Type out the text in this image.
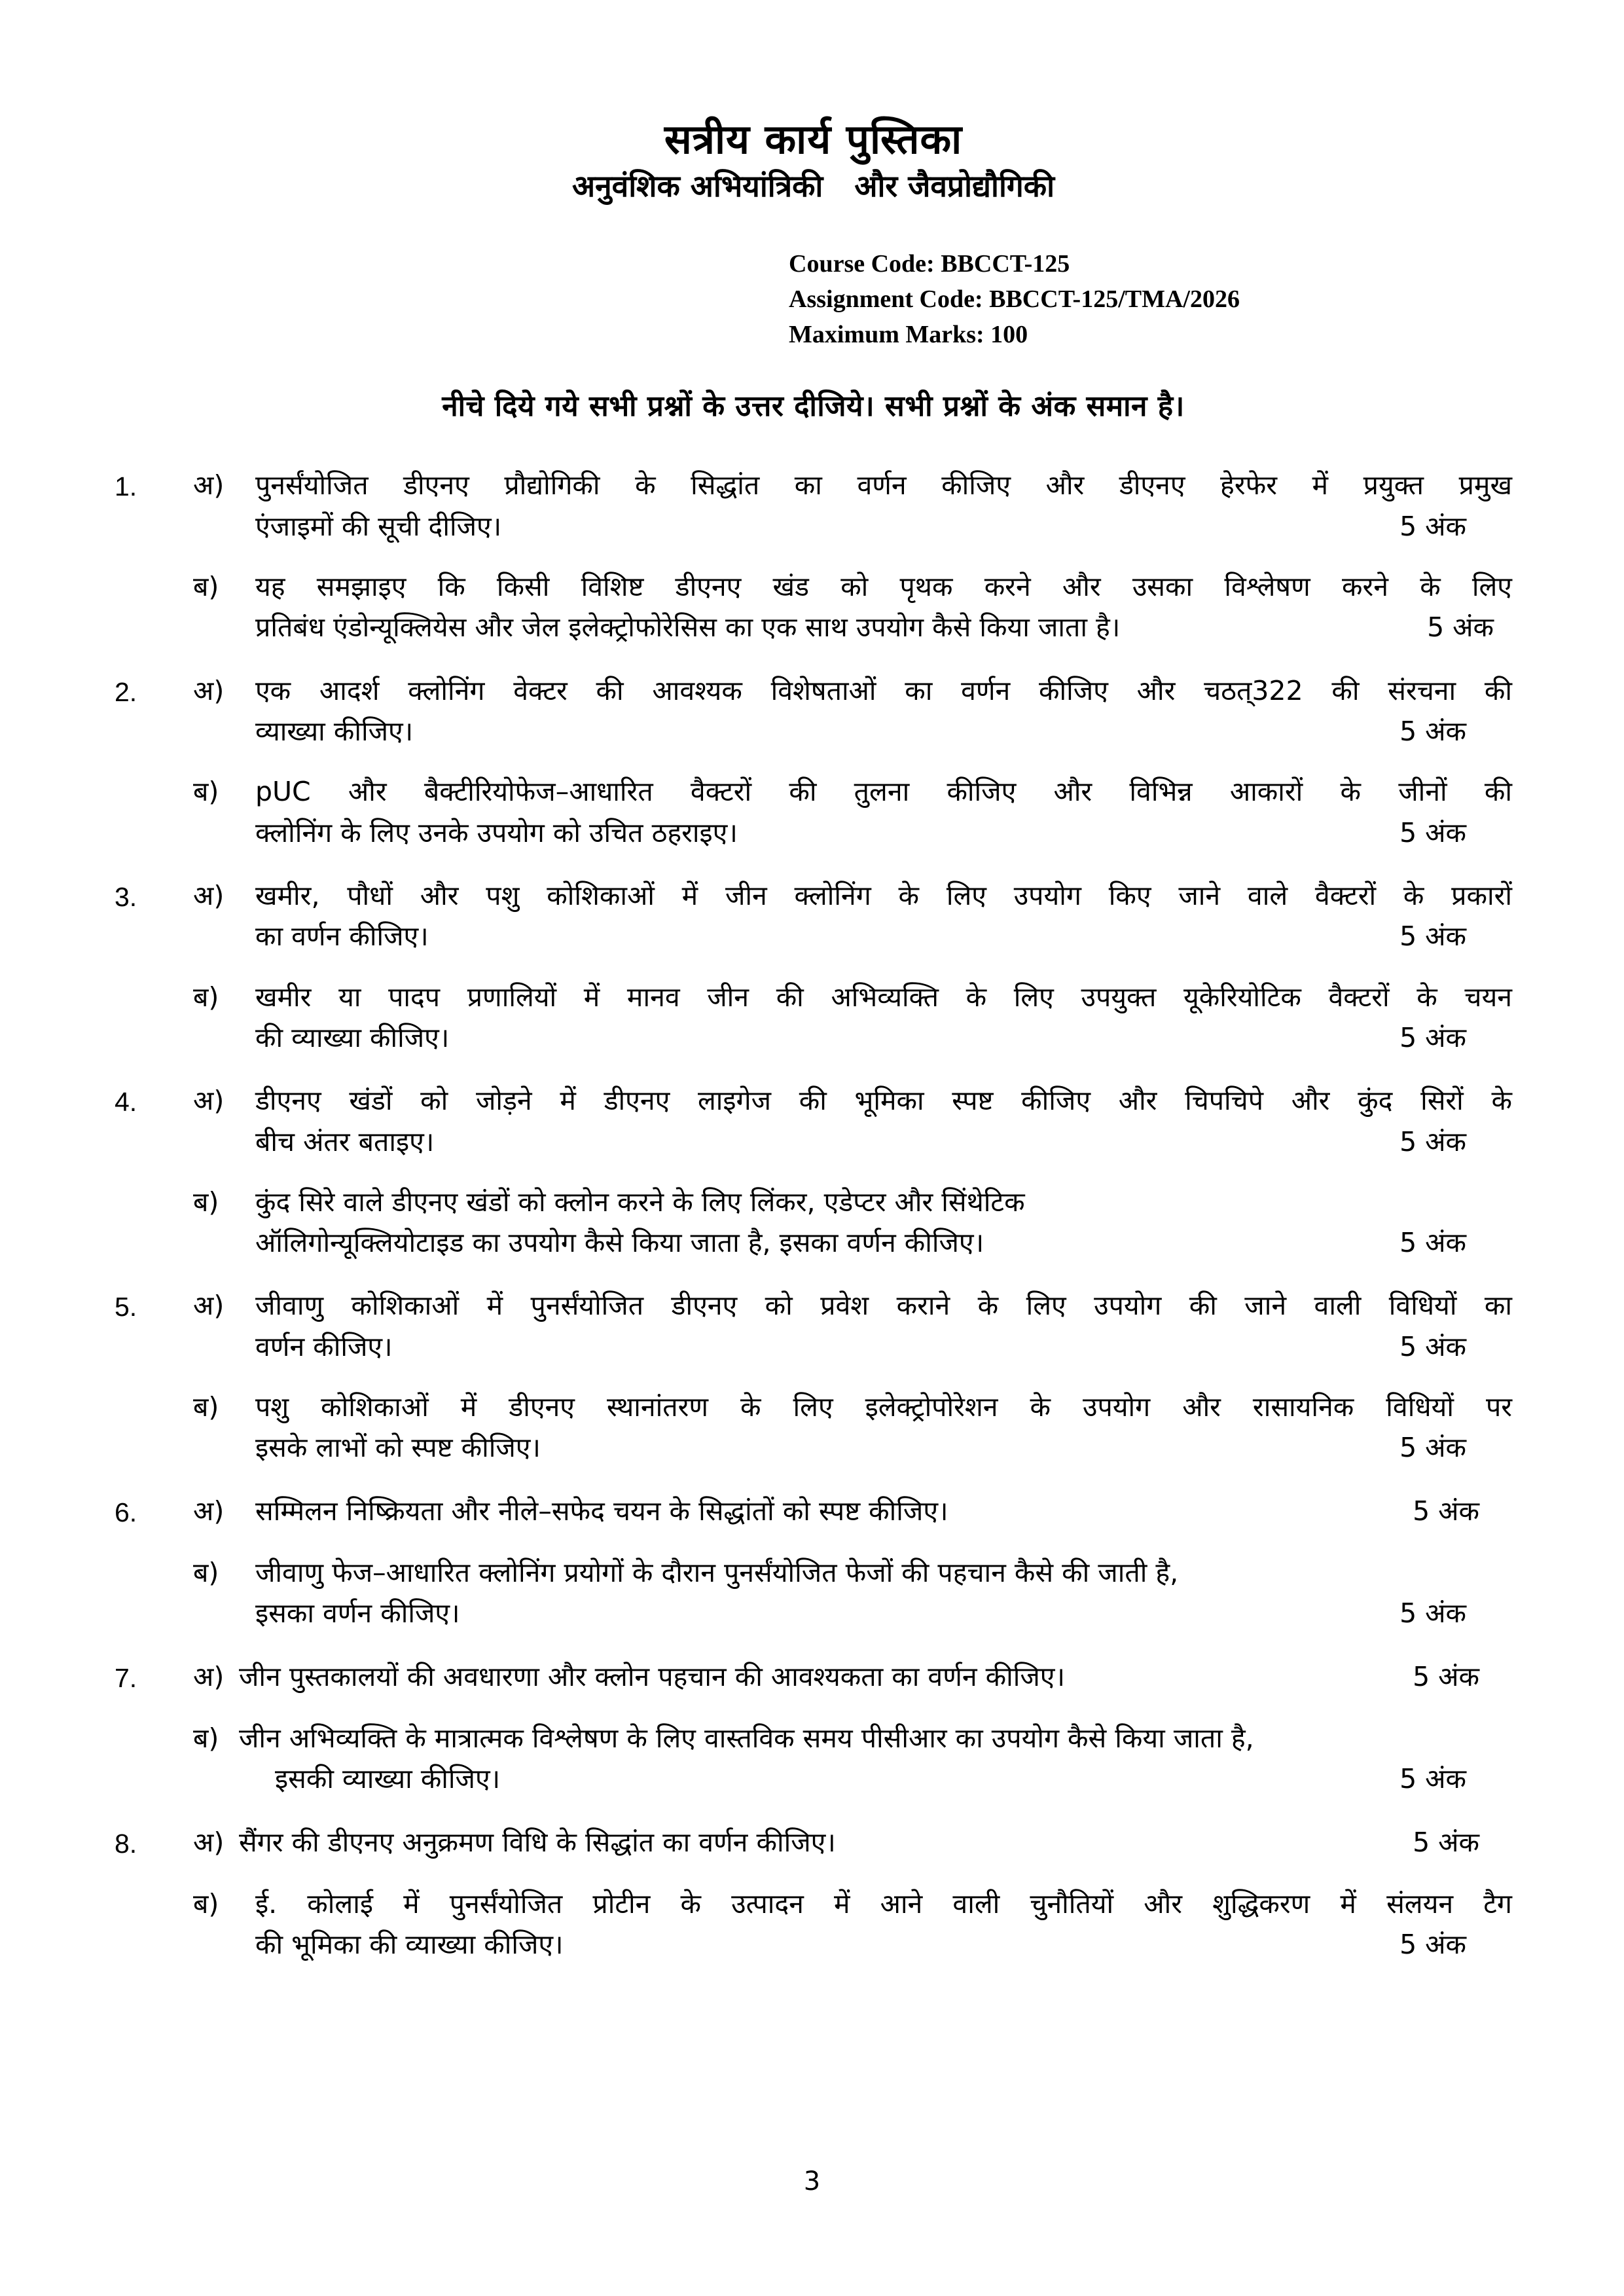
सत्रीय कार्य पुस्तिका
अनुवंशिक अभियांत्रिकी   और जैवप्रोद्यौगिकी
Course Code: BBCCT-125
Assignment Code: BBCCT-125/TMA/2026
Maximum Marks: 100
नीचे दिये गये सभी प्रश्नों के उत्तर दीजिये। सभी प्रश्नों के अंक समान है।
1.	अ)	पुनर्संयोजित डीएनए प्रौद्योगिकी के सिद्धांत का वर्णन कीजिए और डीएनए हेरफेर में प्रयुक्त प्रमुख
एंजाइमों की सूची दीजिए।	5 अंक
ब)	यह समझाइए कि किसी विशिष्ट डीएनए खंड को पृथक करने और उसका विश्लेषण करने के लिए
प्रतिबंध एंडोन्यूक्लियेस और जेल इलेक्ट्रोफोरेसिस का एक साथ उपयोग कैसे किया जाता है।	5 अंक
2.	अ)	एक आदर्श क्लोनिंग वेक्टर की आवश्यक विशेषताओं का वर्णन कीजिए और चठत्322 की संरचना की
व्याख्या कीजिए।	5 अंक
ब)	pUC और बैक्टीरियोफेज–आधारित वैक्टरों की तुलना कीजिए और विभिन्न आकारों के जीनों की
क्लोनिंग के लिए उनके उपयोग को उचित ठहराइए।	5 अंक
3.	अ)	खमीर, पौधों और पशु कोशिकाओं में जीन क्लोनिंग के लिए उपयोग किए जाने वाले वैक्टरों के प्रकारों
का वर्णन कीजिए।	5 अंक
ब)	खमीर या पादप प्रणालियों में मानव जीन की अभिव्यक्ति के लिए उपयुक्त यूकेरियोटिक वैक्टरों के चयन
की व्याख्या कीजिए।	5 अंक
4.	अ)	डीएनए खंडों को जोड़ने में डीएनए लाइगेज की भूमिका स्पष्ट कीजिए और चिपचिपे और कुंद सिरों के
बीच अंतर बताइए।	5 अंक
ब)	कुंद सिरे वाले डीएनए खंडों को क्लोन करने के लिए लिंकर, एडेप्टर और सिंथेटिक
ऑलिगोन्यूक्लियोटाइड का उपयोग कैसे किया जाता है, इसका वर्णन कीजिए।	5 अंक
5.	अ)	जीवाणु कोशिकाओं में पुनर्संयोजित डीएनए को प्रवेश कराने के लिए उपयोग की जाने वाली विधियों का
वर्णन कीजिए।	5 अंक
ब)	पशु कोशिकाओं में डीएनए स्थानांतरण के लिए इलेक्ट्रोपोरेशन के उपयोग और रासायनिक विधियों पर
इसके लाभों को स्पष्ट कीजिए।	5 अंक
6.	अ)	सम्मिलन निष्क्रियता और नीले–सफेद चयन के सिद्धांतों को स्पष्ट कीजिए।	5 अंक
ब)	जीवाणु फेज–आधारित क्लोनिंग प्रयोगों के दौरान पुनर्संयोजित फेजों की पहचान कैसे की जाती है,
इसका वर्णन कीजिए।	5 अंक
7.	अ) जीन पुस्तकालयों की अवधारणा और क्लोन पहचान की आवश्यकता का वर्णन कीजिए।	5 अंक
ब) जीन अभिव्यक्ति के मात्रात्मक विश्लेषण के लिए वास्तविक समय पीसीआर का उपयोग कैसे किया जाता है,
इसकी व्याख्या कीजिए।	5 अंक
8.	अ) सैंगर की डीएनए अनुक्रमण विधि के सिद्धांत का वर्णन कीजिए।	5 अंक
ब)	ई. कोलाई में पुनर्संयोजित प्रोटीन के उत्पादन में आने वाली चुनौतियों और शुद्धिकरण में संलयन टैग
की भूमिका की व्याख्या कीजिए।	5 अंक
3
